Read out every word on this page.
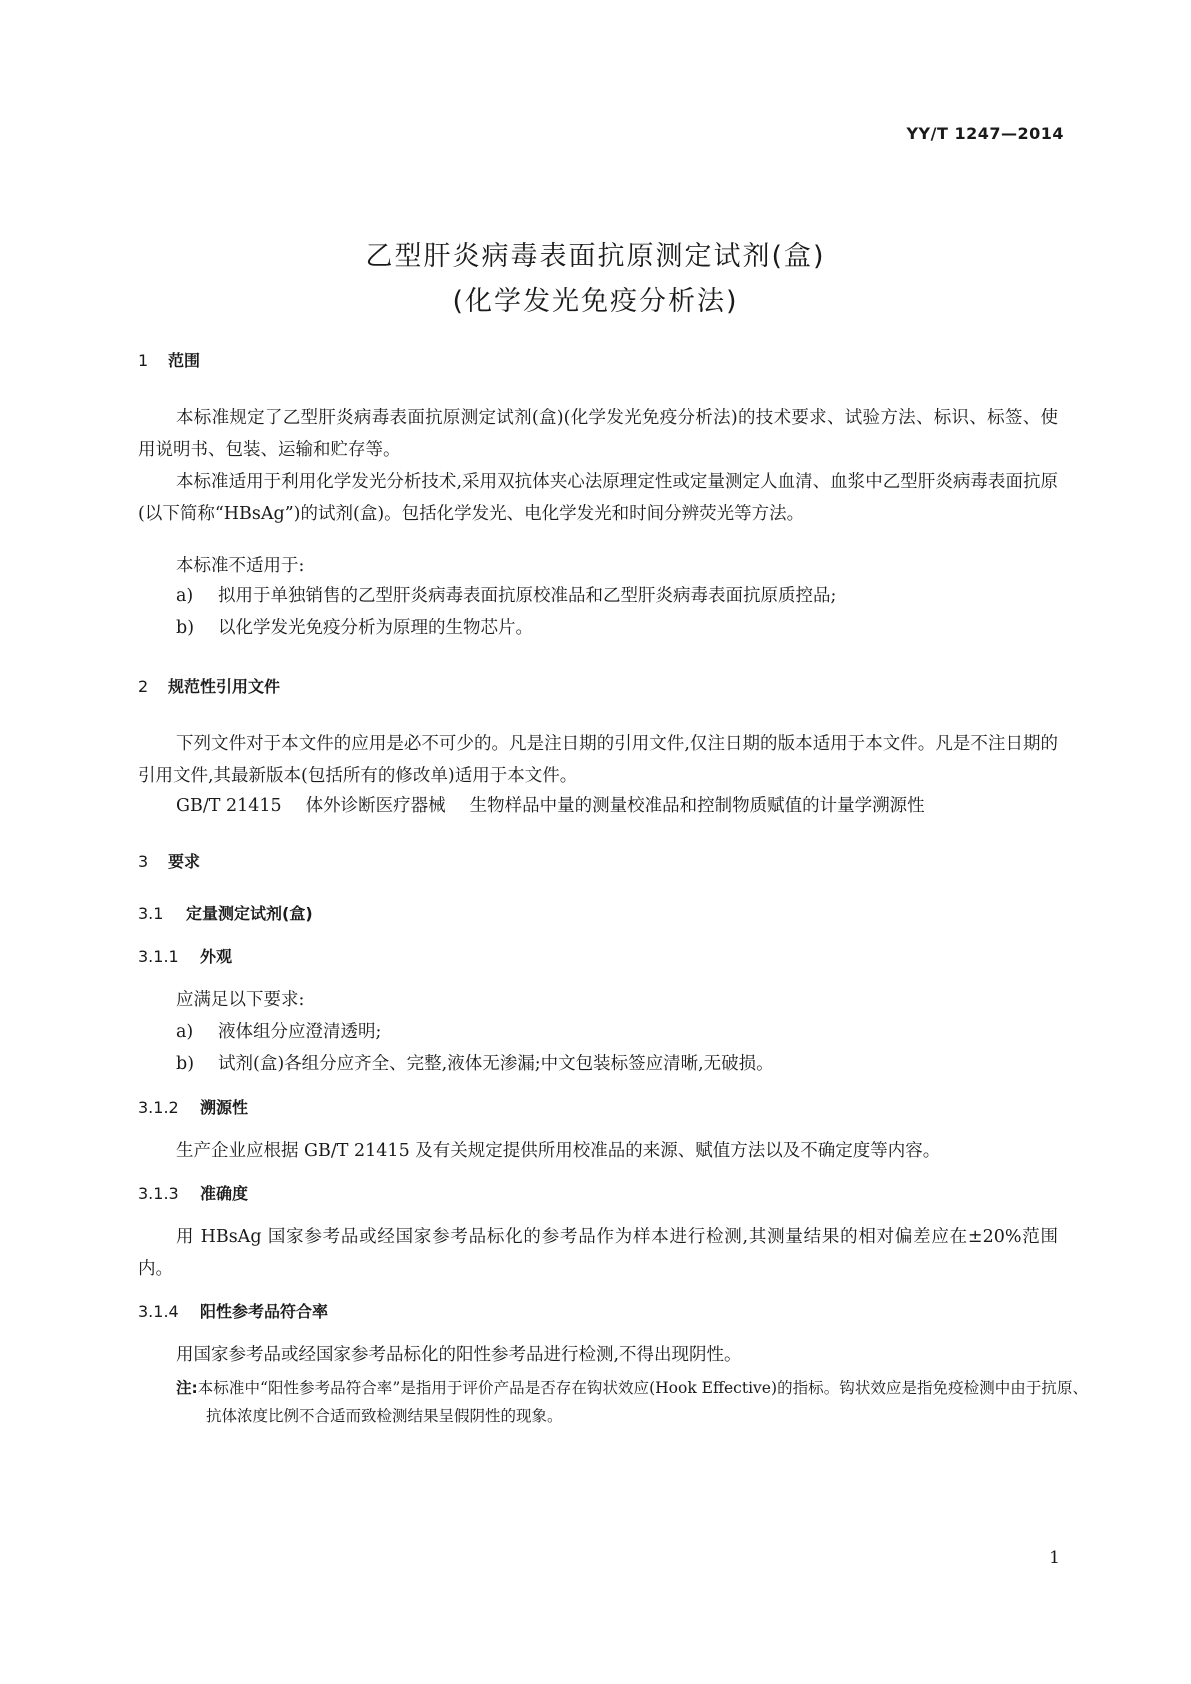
YY/T 1247—2014
乙型肝炎病毒表面抗原测定试剂(盒)
(化学发光免疫分析法)
1 范围

本标准规定了乙型肝炎病毒表面抗原测定试剂(盒)(化学发光免疫分析法)的技术要求、试验方法、标识、标签、使用说明书、包装、运输和贮存等。

本标准适用于利用化学发光分析技术,采用双抗体夹心法原理定性或定量测定人血清、血浆中乙型肝炎病毒表面抗原(以下简称“HBsAg”)的试剂(盒)。包括化学发光、电化学发光和时间分辨荧光等方法。

本标准不适用于:

a) 拟用于单独销售的乙型肝炎病毒表面抗原校准品和乙型肝炎病毒表面抗原质控品;
b) 以化学发光免疫分析为原理的生物芯片。
2 规范性引用文件

下列文件对于本文件的应用是必不可少的。凡是注日期的引用文件,仅注日期的版本适用于本文件。凡是不注日期的引用文件,其最新版本(包括所有的修改单)适用于本文件。

GB/T 21415 体外诊断医疗器械 生物样品中量的测量校准品和控制物质赋值的计量学溯源性
3 要求
3.1 定量测定试剂(盒)
3.1.1 外观

应满足以下要求:

a) 液体组分应澄清透明;
b) 试剂(盒)各组分应齐全、完整,液体无渗漏;中文包装标签应清晰,无破损。
3.1.2 溯源性

生产企业应根据 GB/T 21415 及有关规定提供所用校准品的来源、赋值方法以及不确定度等内容。

3.1.3 准确度

用 HBsAg 国家参考品或经国家参考品标化的参考品作为样本进行检测,其测量结果的相对偏差应在±20%范围内。

3.1.4 阳性参考品符合率

用国家参考品或经国家参考品标化的阳性参考品进行检测,不得出现阴性。

注:本标准中“阳性参考品符合率”是指用于评价产品是否存在钩状效应(Hook Effective)的指标。钩状效应是指免疫检测中由于抗原、抗体浓度比例不合适而致检测结果呈假阴性的现象。
1
